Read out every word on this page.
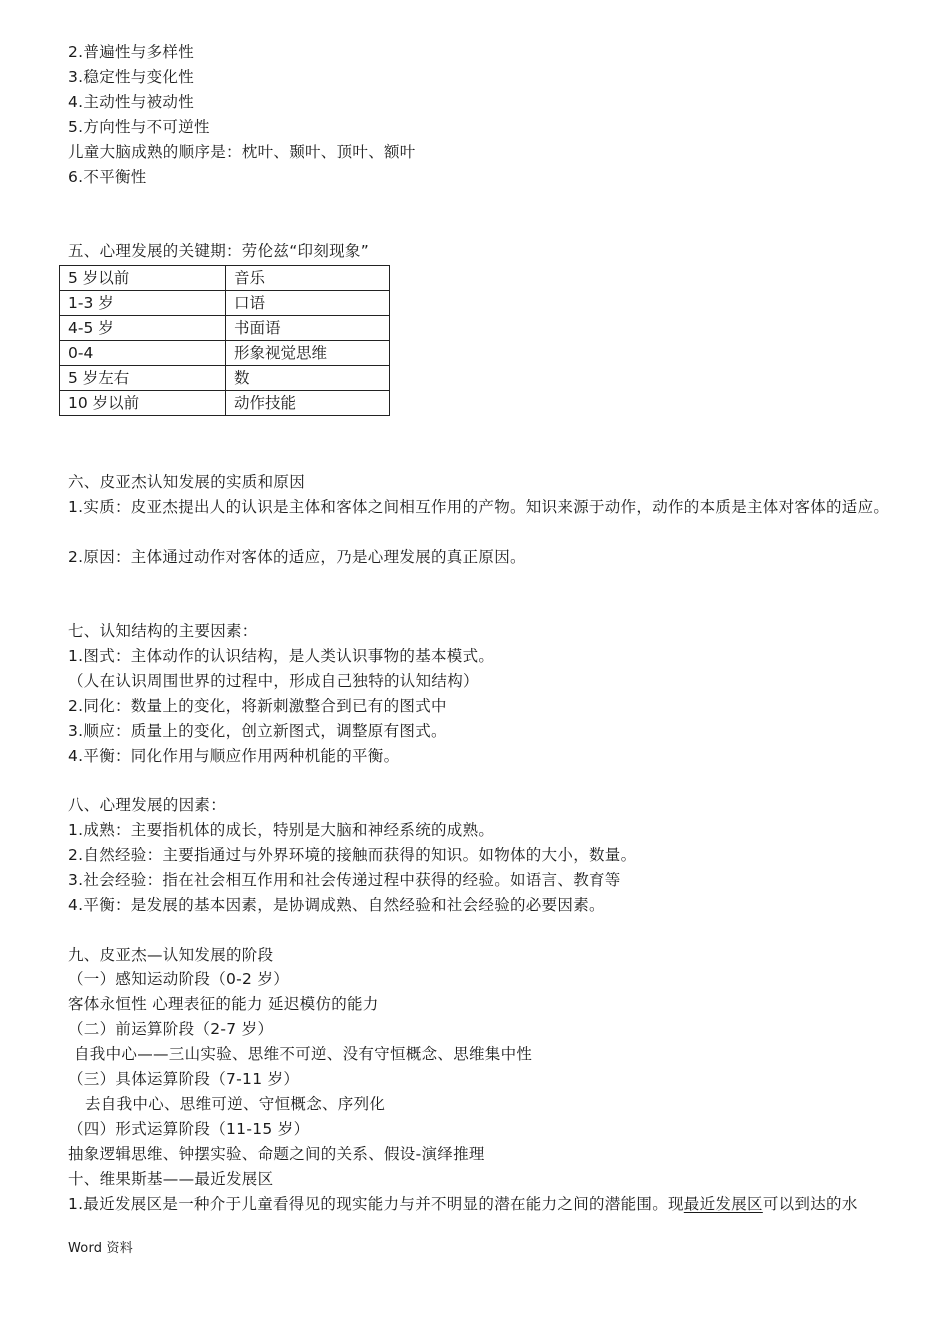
2.普遍性与多样性
3.稳定性与变化性
4.主动性与被动性
5.方向性与不可逆性
儿童大脑成熟的顺序是：枕叶、颞叶、顶叶、额叶
6.不平衡性
五、心理发展的关键期：劳伦兹“印刻现象”
5 岁以前	音乐
1-3 岁	口语
4-5 岁	书面语
0-4	形象视觉思维
5 岁左右	数
10 岁以前	动作技能
六、皮亚杰认知发展的实质和原因
1.实质：皮亚杰提出人的认识是主体和客体之间相互作用的产物。知识来源于动作，动作的本质是主体对客体的适应。
2.原因：主体通过动作对客体的适应，乃是心理发展的真正原因。
七、认知结构的主要因素：
1.图式：主体动作的认识结构，是人类认识事物的基本模式。
（人在认识周围世界的过程中，形成自己独特的认知结构）
2.同化：数量上的变化，将新刺激整合到已有的图式中
3.顺应：质量上的变化，创立新图式，调整原有图式。
4.平衡：同化作用与顺应作用两种机能的平衡。
八、心理发展的因素：
1.成熟：主要指机体的成长，特别是大脑和神经系统的成熟。
2.自然经验：主要指通过与外界环境的接触而获得的知识。如物体的大小，数量。
3.社会经验：指在社会相互作用和社会传递过程中获得的经验。如语言、教育等
4.平衡：是发展的基本因素，是协调成熟、自然经验和社会经验的必要因素。
九、皮亚杰—认知发展的阶段
（一）感知运动阶段（0-2 岁）
客体永恒性 心理表征的能力 延迟模仿的能力
（二）前运算阶段（2-7 岁）
自我中心——三山实验、思维不可逆、没有守恒概念、思维集中性
（三）具体运算阶段（7-11 岁）
去自我中心、思维可逆、守恒概念、序列化
（四）形式运算阶段（11-15 岁）
抽象逻辑思维、钟摆实验、命题之间的关系、假设-演绎推理
十、维果斯基——最近发展区
1.最近发展区是一种介于儿童看得见的现实能力与并不明显的潜在能力之间的潜能围。现最近发展区可以到达的水
Word 资料
